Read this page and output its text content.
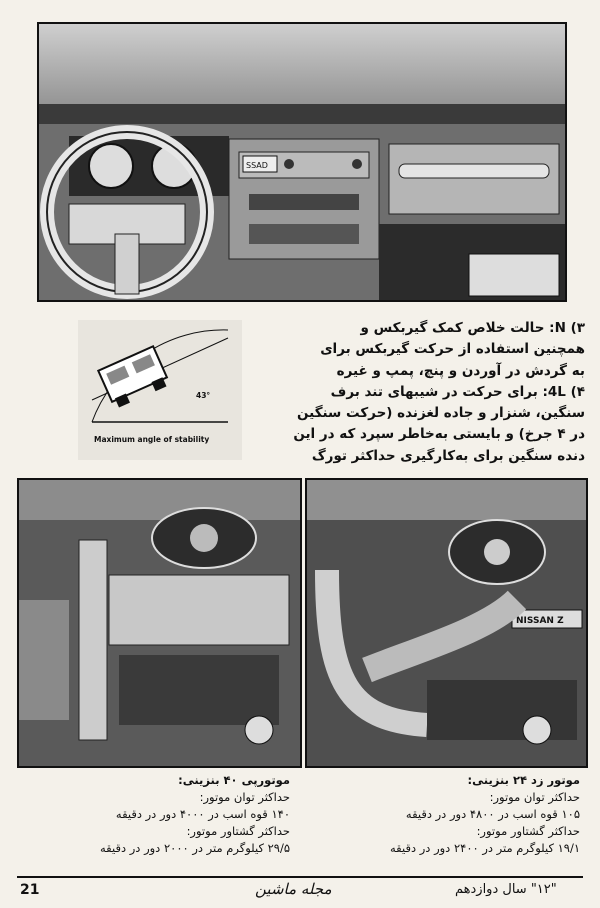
SSAD
43°
Maximum angle of stability

۳) N: حالت خلاص کمک گیربکس و

همچنین استفاده از حرکت گیربکس برای

به گردش در آوردن و پنچ، پمپ و غیره

۴) 4L: برای حرکت در شیبهای تند برف

سنگین، شنزار و جاده لغزنده (حرکت سنگین

در ۴ جرخ) و بایستی به‌خاطر سپرد که در این

دنده سنگین برای به‌کارگیری حداکثر تورگ

NISSAN Z
موتورپی ۴۰ بنزینی:
حداکثر توان موتور:
۱۴۰ قوه اسب در ۴۰۰۰ دور در دقیقه
حداکثر گشتاور موتور:
۲۹/۵ کیلوگرم متر در ۲۰۰۰ دور در دقیقه
موتور زد ۲۴ بنزینی:
حداکثر توان موتور:
۱۰۵ قوه اسب در ۴۸۰۰ دور در دقیقه
حداکثر گشتاور موتور:
۱۹/۱ کیلوگرم متر در ۲۴۰۰ دور در دقیقه
21	مجله ماشین	"۱۲" سال دوازدهم
